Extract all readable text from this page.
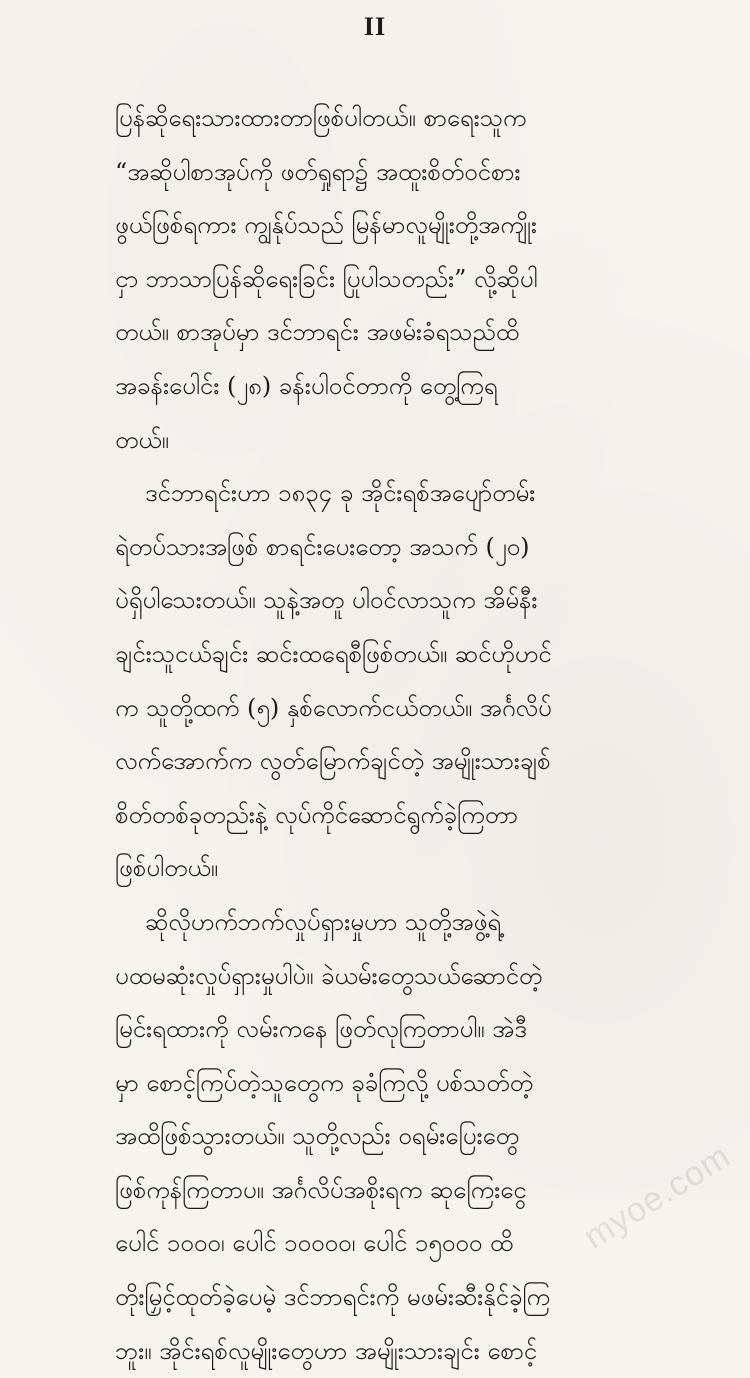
II
ပြန်ဆိုရေးသားထားတာဖြစ်ပါတယ်။ စာရေးသူက
“အဆိုပါစာအုပ်ကို ဖတ်ရှုရာ၌ အထူးစိတ်ဝင်စား
ဖွယ်ဖြစ်ရကား ကျွန်ုပ်သည် မြန်မာလူမျိုးတို့အကျိုး
ငှာ ဘာသာပြန်ဆိုရေးခြင်း ပြုပါသတည်း” လို့ဆိုပါ
တယ်။ စာအုပ်မှာ ဒင်ဘာရင်း အဖမ်းခံရသည်ထိ
အခန်းပေါင်း (၂၈) ခန်းပါဝင်တာကို တွေ့ကြရ
တယ်။
ဒင်ဘာရင်းဟာ ၁၈၃၄ ခု အိုင်းရစ်အပျော်တမ်း
ရဲတပ်သားအဖြစ် စာရင်းပေးတော့ အသက် (၂၀)
ပဲရှိပါသေးတယ်။ သူနဲ့အတူ ပါဝင်လာသူက အိမ်နီး
ချင်းသူငယ်ချင်း ဆင်းထရေစီဖြစ်တယ်။ ဆင်ဟိုဟင်
က သူတို့ထက် (၅) နှစ်လောက်ငယ်တယ်။ အင်္ဂလိပ်
လက်အောက်က လွတ်မြောက်ချင်တဲ့ အမျိုးသားချစ်
စိတ်တစ်ခုတည်းနဲ့ လုပ်ကိုင်ဆောင်ရွက်ခဲ့ကြတာ
ဖြစ်ပါတယ်။
ဆိုလိုဟက်ဘက်လှုပ်ရှားမှုဟာ သူတို့အဖွဲ့ရဲ့
ပထမဆုံးလှုပ်ရှားမှုပါပဲ။ ခဲယမ်းတွေသယ်ဆောင်တဲ့
မြင်းရထားကို လမ်းကနေ ဖြတ်လုကြတာပါ။ အဲဒီ
မှာ စောင့်ကြပ်တဲ့သူတွေက ခုခံကြလို့ ပစ်သတ်တဲ့
အထိဖြစ်သွားတယ်။ သူတို့လည်း ဝရမ်းပြေးတွေ
ဖြစ်ကုန်ကြတာပ။ အင်္ဂလိပ်အစိုးရက ဆုကြေးငွေ
ပေါင် ၁၀၀၀၊ ပေါင် ၁၀၀၀၀၊ ပေါင် ၁၅၀၀၀ ထိ
တိုးမြှင့်ထုတ်ခဲ့ပေမဲ့ ဒင်ဘာရင်းကို မဖမ်းဆီးနိုင်ခဲ့ကြ
ဘူး။ အိုင်းရစ်လူမျိုးတွေဟာ အမျိုးသားချင်း စောင့်
myoe.com
